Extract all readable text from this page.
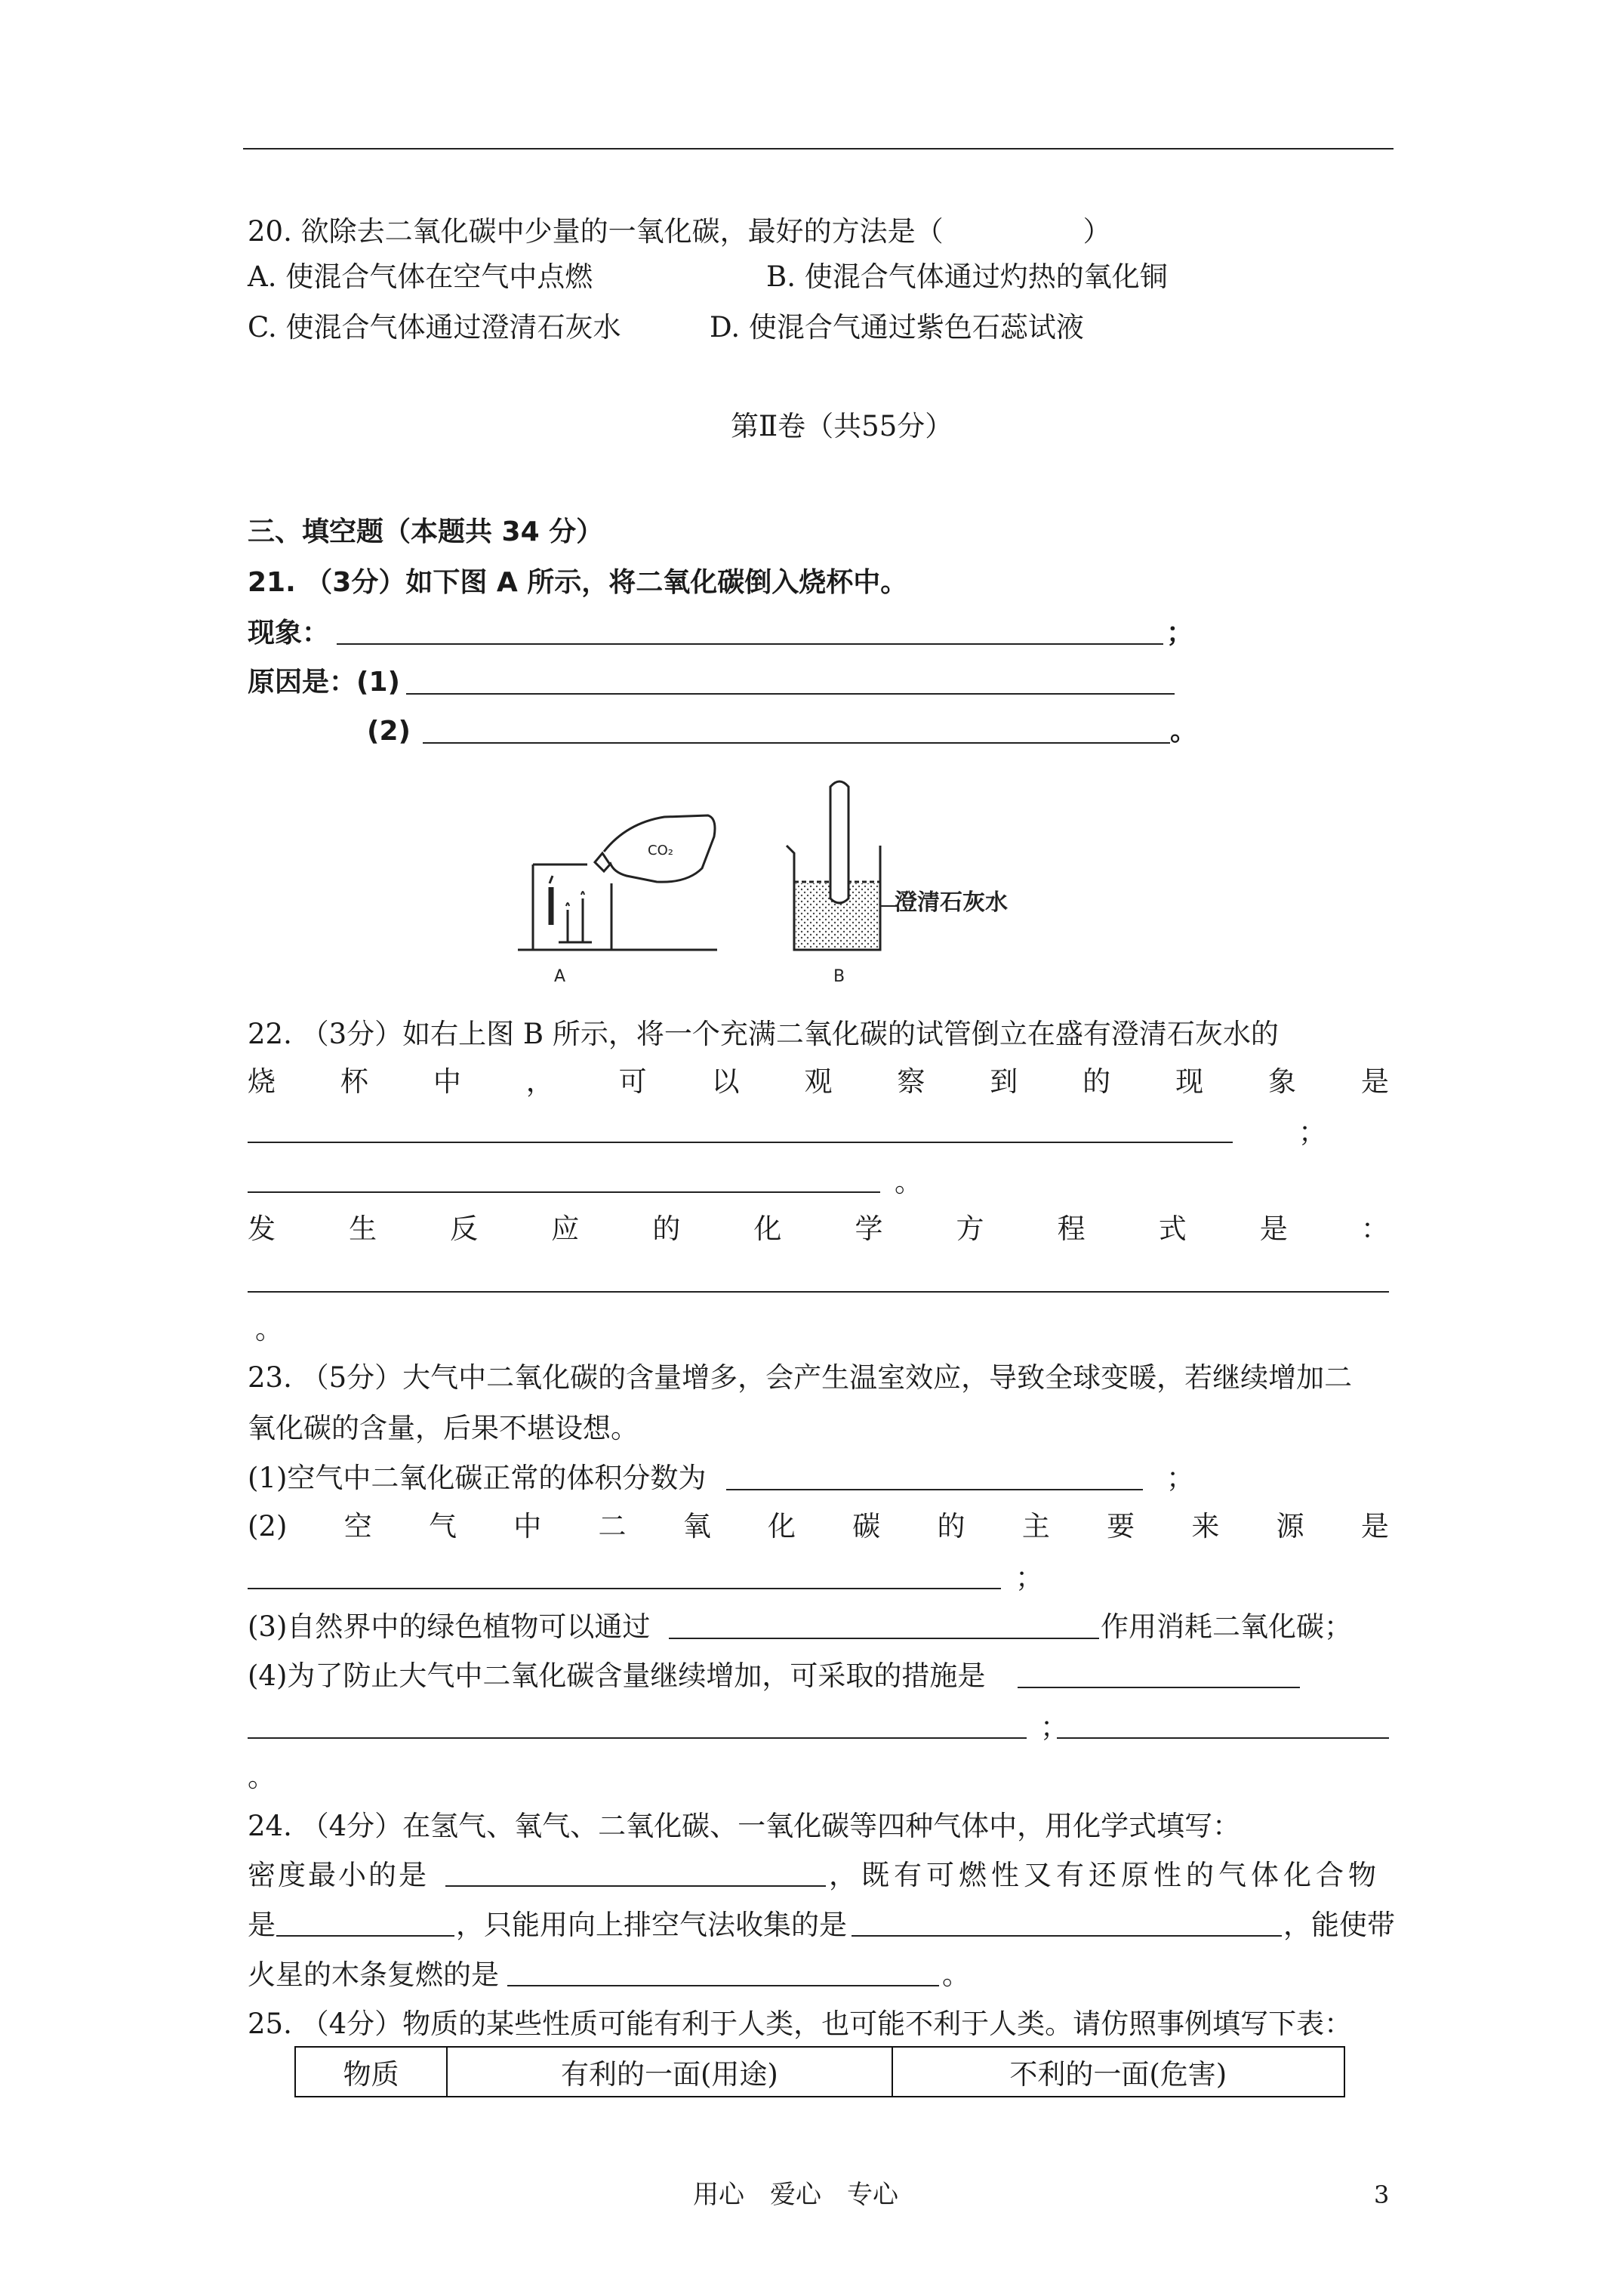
20. 欲除去二氧化碳中少量的一氧化碳，最好的方法是（　　　　　）
A. 使混合气体在空气中点燃	B. 使混合气体通过灼热的氧化铜
C. 使混合气体通过澄清石灰水	D. 使混合气通过紫色石蕊试液
第Ⅱ卷（共55分）
三、填空题（本题共 34 分）
21. （3分）如下图 A 所示，将二氧化碳倒入烧杯中。
现象：	；
原因是：(1)
(2)	。
CO₂
A
澄清石灰水
B
22. （3分）如右上图 B 所示，将一个充满二氧化碳的试管倒立在盛有澄清石灰水的
烧 杯 中 ， 可 以 观 察 到 的 现 象 是
；
。
发	生	反	应	的	化	学	方	程	式	是	：
。
23. （5分）大气中二氧化碳的含量增多，会产生温室效应，导致全球变暖，若继续增加二
氧化碳的含量，后果不堪设想。
(1)空气中二氧化碳正常的体积分数为	；
(2) 空 气 中 二 氧 化 碳 的 主 要 来 源 是
；
(3)自然界中的绿色植物可以通过	作用消耗二氧化碳；
(4)为了防止大气中二氧化碳含量继续增加，可采取的措施是
；
。
24. （4分）在氢气、氧气、二氧化碳、一氧化碳等四种气体中，用化学式填写：
密度最小的是	，既有可燃性又有还原性的气体化合物
是	，只能用向上排空气法收集的是	，能使带
火星的木条复燃的是	。
25. （4分）物质的某些性质可能有利于人类，也可能不利于人类。请仿照事例填写下表：
物质	有利的一面(用途)	不利的一面(危害)
用心　爱心　专心	3
